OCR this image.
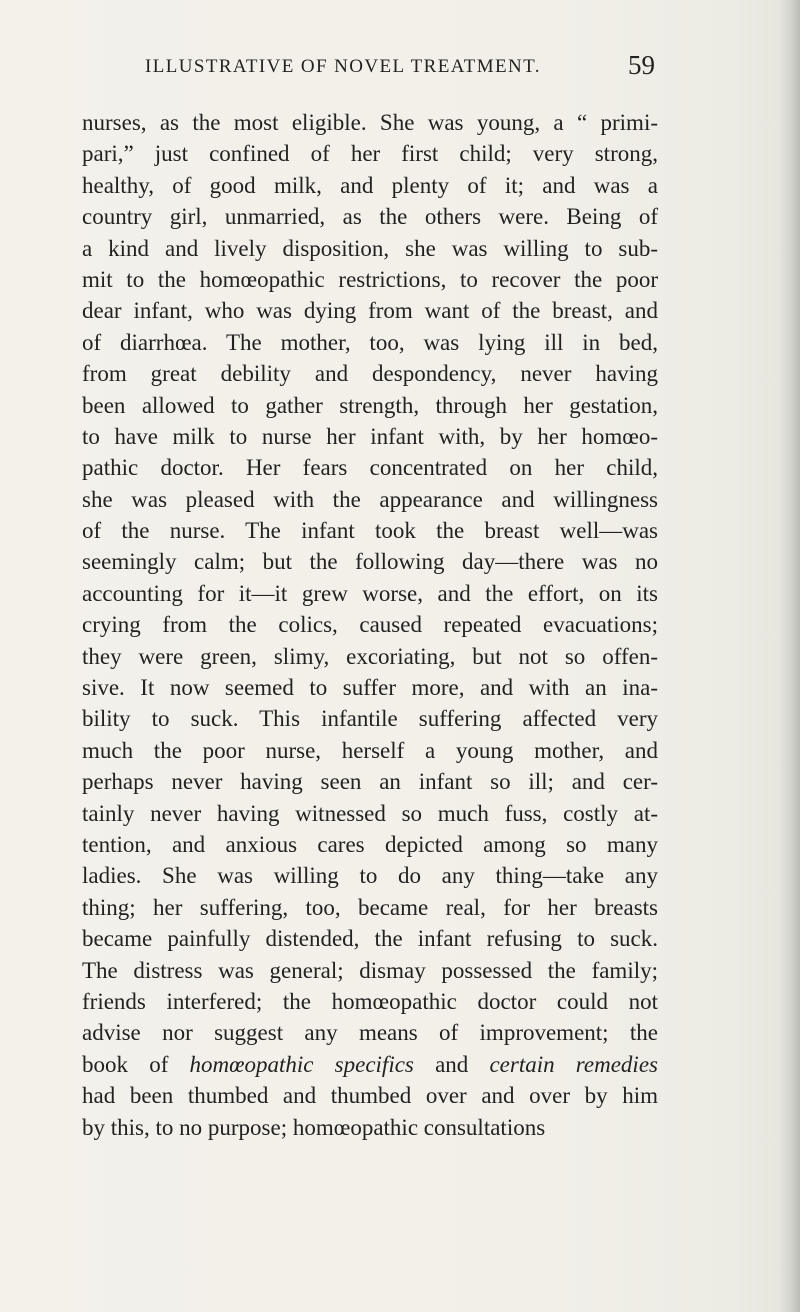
ILLUSTRATIVE OF NOVEL TREATMENT.	59
nurses, as the most eligible. She was young, a “ primi-
pari,” just confined of her first child; very strong,
healthy, of good milk, and plenty of it; and was a
country girl, unmarried, as the others were. Being of
a kind and lively disposition, she was willing to sub-
mit to the homœopathic restrictions, to recover the poor
dear infant, who was dying from want of the breast, and
of diarrhœa. The mother, too, was lying ill in bed,
from great debility and despondency, never having
been allowed to gather strength, through her gestation,
to have milk to nurse her infant with, by her homœo-
pathic doctor. Her fears concentrated on her child,
she was pleased with the appearance and willingness
of the nurse. The infant took the breast well—was
seemingly calm; but the following day—there was no
accounting for it—it grew worse, and the effort, on its
crying from the colics, caused repeated evacuations;
they were green, slimy, excoriating, but not so offen-
sive. It now seemed to suffer more, and with an ina-
bility to suck. This infantile suffering affected very
much the poor nurse, herself a young mother, and
perhaps never having seen an infant so ill; and cer-
tainly never having witnessed so much fuss, costly at-
tention, and anxious cares depicted among so many
ladies. She was willing to do any thing—take any
thing; her suffering, too, became real, for her breasts
became painfully distended, the infant refusing to suck.
The distress was general; dismay possessed the family;
friends interfered; the homœopathic doctor could not
advise nor suggest any means of improvement; the
book of homœopathic specifics and certain remedies
had been thumbed and thumbed over and over by him
by this, to no purpose; homœopathic consultations
